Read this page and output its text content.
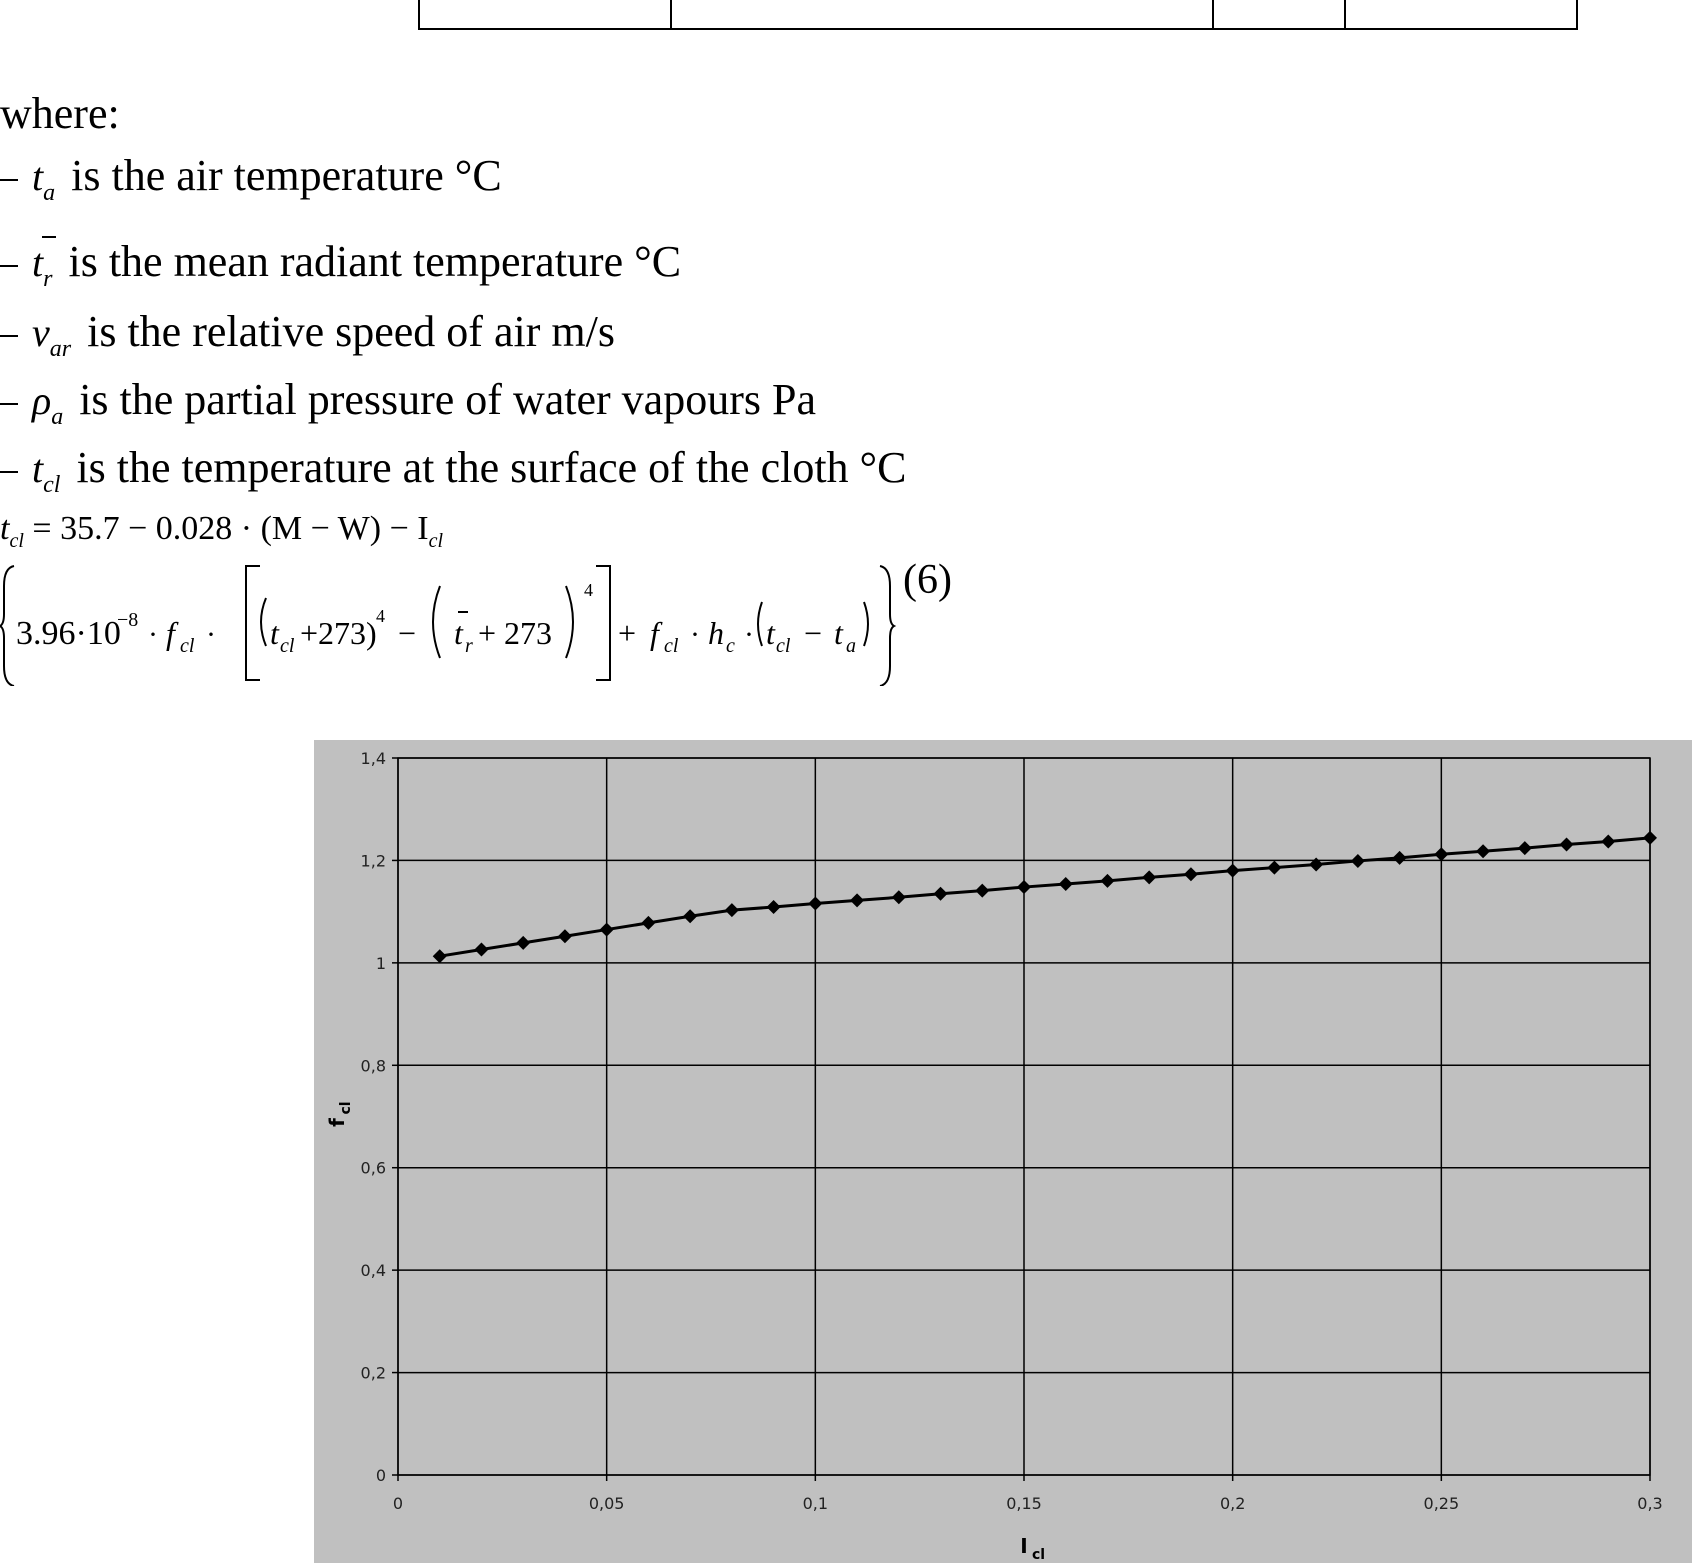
where:
$t_a$ is the air temperature °C
t
$_r$ is the mean radiant temperature °C
$v_{ar}$ is the relative speed of air m/s
$\rho_a$ is the partial pressure of water vapours Pa
$t_{cl}$ is the temperature at the surface of the cloth °C
$t_{cl} = 35.7 - 0.028 \cdot (M - W) - I_{cl}$
3.96·10
−8 · f cl · t cl +273) 4 − t r + 273
4
+ f cl · h c · t cl − t a
(6)
0
0,2
0,4
0,6
0,8
1
1,2
1,4
0	0,05	0,1	0,15	0,2	0,25	0,3
I cl
f
cl
